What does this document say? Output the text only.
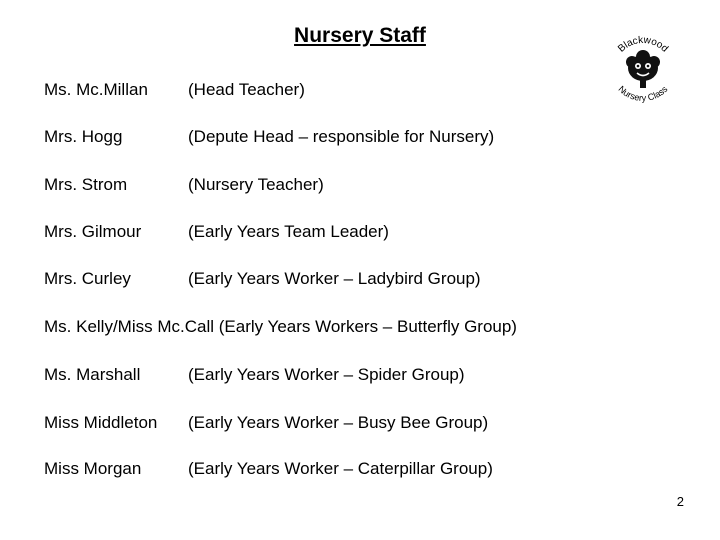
Nursery Staff
Blackwood
Nursery Class
Ms. Mc.Millan (Head Teacher)
Mrs. Hogg	(Depute Head – responsible for Nursery)
Mrs. Strom	(Nursery Teacher)
Mrs. Gilmour	(Early Years Team Leader)
Mrs. Curley	(Early Years Worker – Ladybird Group)
Ms. Kelly/Miss Mc.Call (Early Years Workers – Butterfly Group)
Ms. Marshall	(Early Years Worker – Spider Group)
Miss Middleton (Early Years Worker – Busy Bee Group)
Miss Morgan	(Early Years Worker – Caterpillar Group)
2
